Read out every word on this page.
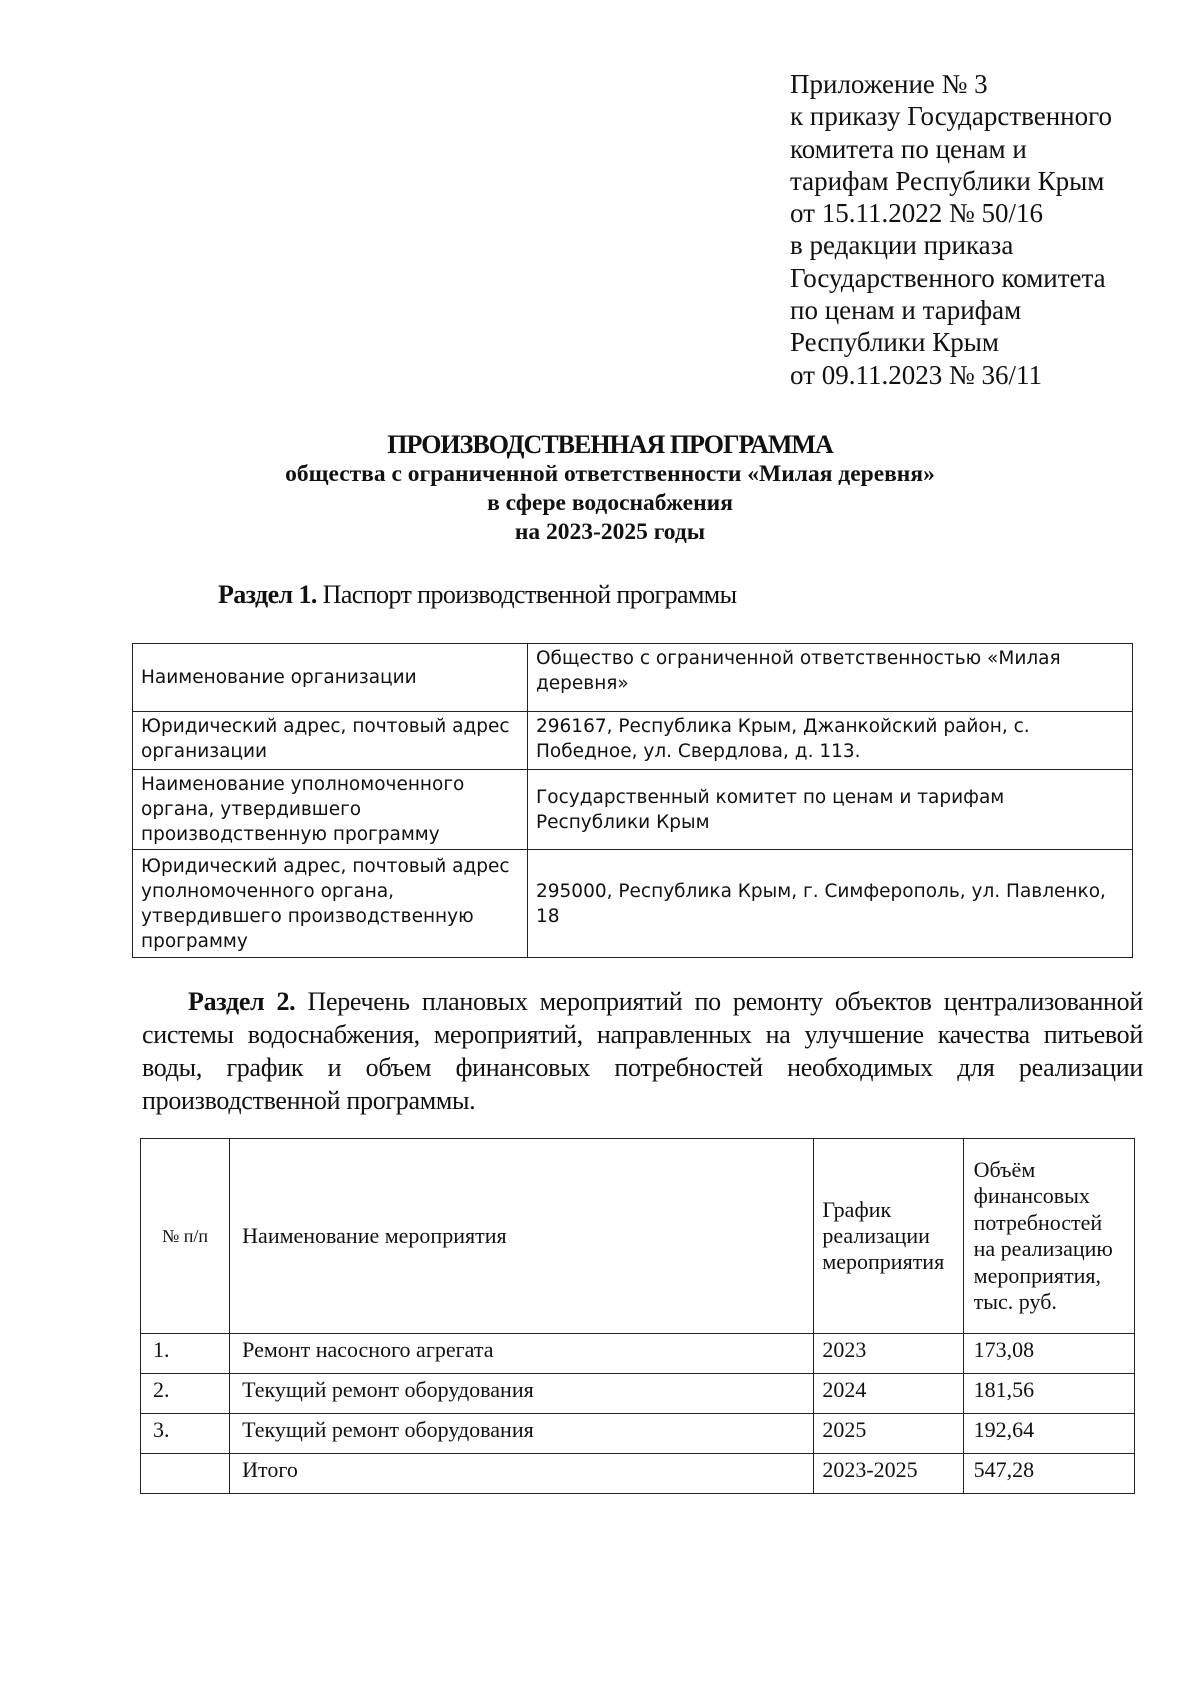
Приложение № 3
к приказу Государственного
комитета по ценам и
тарифам Республики Крым
от 15.11.2022 № 50/16
в редакции приказа
Государственного комитета
по ценам и тарифам
Республики Крым
от 09.11.2023 № 36/11
ПРОИЗВОДСТВЕННАЯ ПРОГРАММА
общества с ограниченной ответственности «Милая деревня»
в сфере водоснабжения
на 2023-2025 годы
Раздел 1. Паспорт производственной программы
Наименование организации	Общество с ограниченной ответственностью «Милая деревня»
Юридический адрес, почтовый адрес организации	296167, Республика Крым, Джанкойский район, с. Победное, ул. Свердлова, д. 113.
Наименование уполномоченного органа, утвердившего производственную программу	Государственный комитет по ценам и тарифам Республики Крым
Юридический адрес, почтовый адрес уполномоченного органа, утвердившего производственную программу	295000, Республика Крым, г. Симферополь, ул. Павленко, 18

Раздел 2. Перечень плановых мероприятий по ремонту объектов централизованной системы водоснабжения, мероприятий, направленных на улучшение качества питьевой воды, график и объем финансовых потребностей необходимых для реализации производственной программы.

№ п/п	Наименование мероприятия	График реализации мероприятия	Объём финансовых потребностей на реализацию мероприятия, тыс. руб.
1.	Ремонт насосного агрегата	2023	173,08
2.	Текущий ремонт оборудования	2024	181,56
3.	Текущий ремонт оборудования	2025	192,64
	Итого	2023-2025	547,28
